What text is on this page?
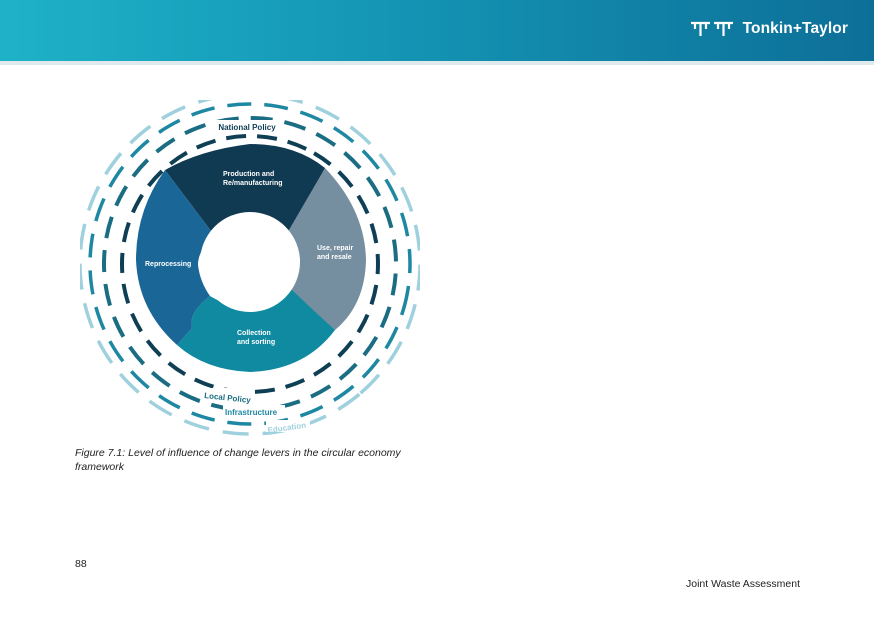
Tonkin+Taylor
Production and Re/manufacturing
Use, repair and resale
Collection and sorting
Reprocessing
National Policy
Local Policy
Infrastructure
Education
Figure 7.1: Level of influence of change levers in the circular economy framework
88
Joint Waste Assessment
